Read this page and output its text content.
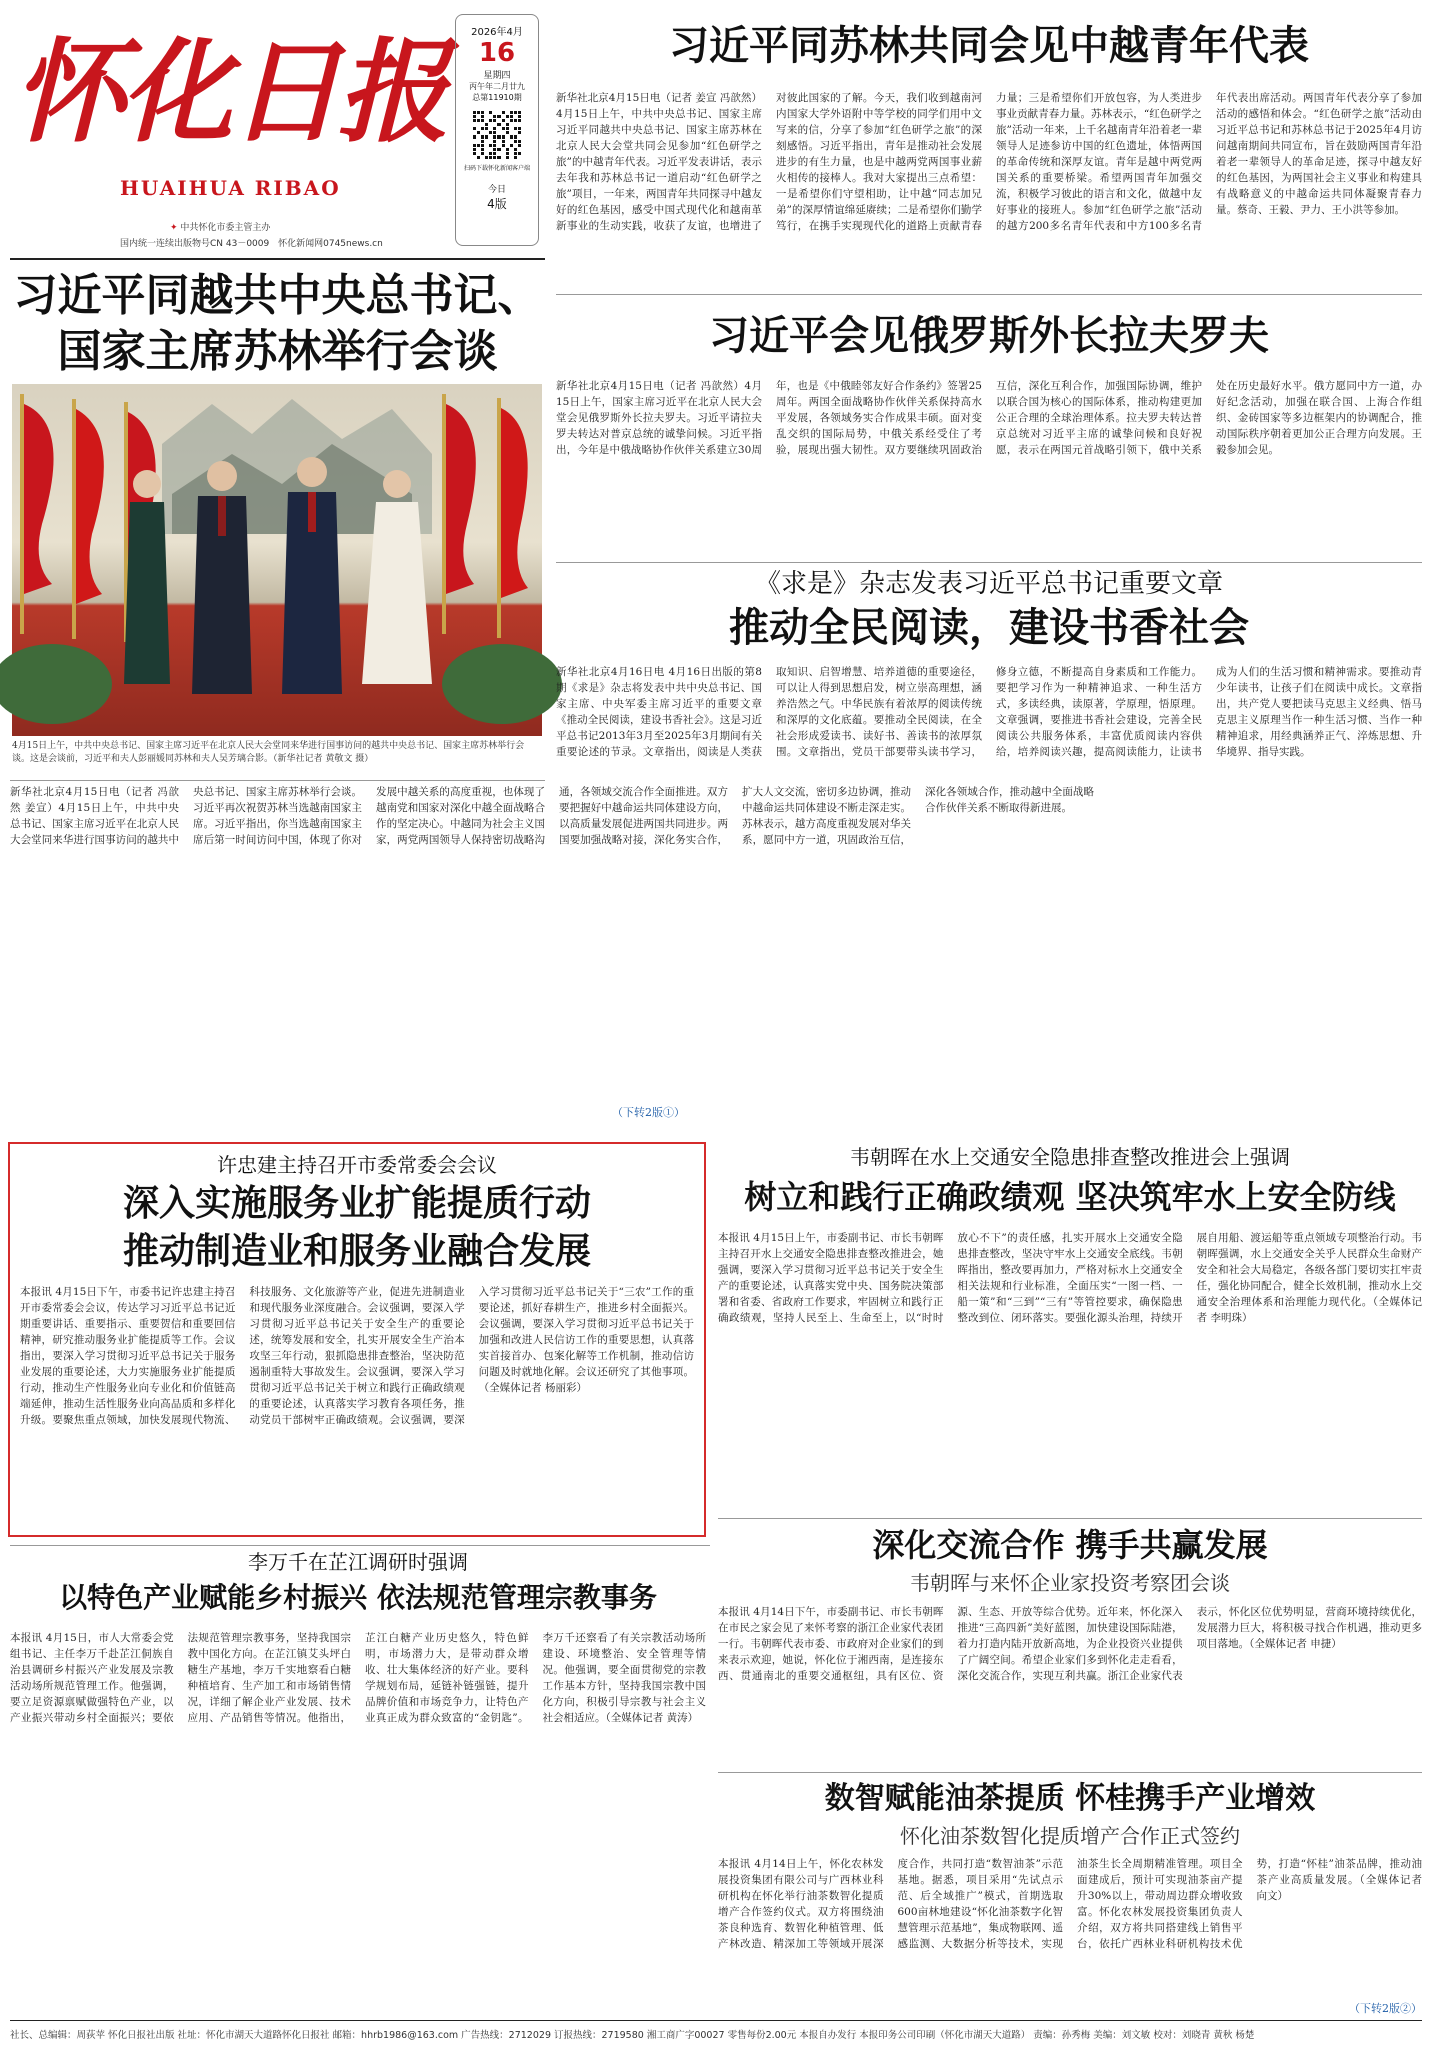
怀化日报
HUAIHUA RIBAO
✦ 中共怀化市委主管主办
国内统一连续出版物号CN 43－0009 怀化新闻网0745news.cn
2026年4月
16
星期四
丙午年二月廿九
总第11910期
扫码下载怀化新闻客户端
今日
4版
习近平同苏林共同会见中越青年代表
新华社北京4月15日电（记者 姜宣 冯歆然）4月15日上午，中共中央总书记、国家主席习近平同越共中央总书记、国家主席苏林在北京人民大会堂共同会见参加“红色研学之旅”的中越青年代表。习近平发表讲话，表示去年我和苏林总书记一道启动“红色研学之旅”项目，一年来，两国青年共同探寻中越友好的红色基因，感受中国式现代化和越南革新事业的生动实践，收获了友谊，也增进了对彼此国家的了解。今天，我们收到越南河内国家大学外语附中等学校的同学们用中文写来的信，分享了参加“红色研学之旅”的深刻感悟。习近平指出，青年是推动社会发展进步的有生力量，也是中越两党两国事业薪火相传的接棒人。我对大家提出三点希望：一是希望你们守望相助，让中越“同志加兄弟”的深厚情谊绵延赓续；二是希望你们勤学笃行，在携手实现现代化的道路上贡献青春力量；三是希望你们开放包容，为人类进步事业贡献青春力量。苏林表示，“红色研学之旅”活动一年来，上千名越南青年沿着老一辈领导人足迹参访中国的红色遗址，体悟两国的革命传统和深厚友谊。青年是越中两党两国关系的重要桥梁。希望两国青年加强交流，积极学习彼此的语言和文化，做越中友好事业的接班人。参加“红色研学之旅”活动的越方200多名青年代表和中方100多名青年代表出席活动。两国青年代表分享了参加活动的感悟和体会。“红色研学之旅”活动由习近平总书记和苏林总书记于2025年4月访问越南期间共同宣布，旨在鼓励两国青年沿着老一辈领导人的革命足迹，探寻中越友好的红色基因，为两国社会主义事业和构建具有战略意义的中越命运共同体凝聚青春力量。蔡奇、王毅、尹力、王小洪等参加。
习近平同越共中央总书记、
国家主席苏林举行会谈
4月15日上午，中共中央总书记、国家主席习近平在北京人民大会堂同来华进行国事访问的越共中央总书记、国家主席苏林举行会谈。这是会谈前，习近平和夫人彭丽媛同苏林和夫人吴芳璃合影。（新华社记者 黄敬文 摄）
新华社北京4月15日电（记者 冯歆然 姜宣）4月15日上午，中共中央总书记、国家主席习近平在北京人民大会堂同来华进行国事访问的越共中央总书记、国家主席苏林举行会谈。习近平再次祝贺苏林当选越南国家主席。习近平指出，你当选越南国家主席后第一时间访问中国，体现了你对发展中越关系的高度重视，也体现了越南党和国家对深化中越全面战略合作的坚定决心。中越同为社会主义国家，两党两国领导人保持密切战略沟通，各领域交流合作全面推进。双方要把握好中越命运共同体建设方向，以高质量发展促进两国共同进步。两国要加强战略对接，深化务实合作，扩大人文交流，密切多边协调，推动中越命运共同体建设不断走深走实。苏林表示，越方高度重视发展对华关系，愿同中方一道，巩固政治互信，深化各领域合作，推动越中全面战略合作伙伴关系不断取得新进展。
习近平会见俄罗斯外长拉夫罗夫
新华社北京4月15日电（记者 冯歆然）4月15日上午，国家主席习近平在北京人民大会堂会见俄罗斯外长拉夫罗夫。习近平请拉夫罗夫转达对普京总统的诚挚问候。习近平指出，今年是中俄战略协作伙伴关系建立30周年，也是《中俄睦邻友好合作条约》签署25周年。两国全面战略协作伙伴关系保持高水平发展，各领域务实合作成果丰硕。面对变乱交织的国际局势，中俄关系经受住了考验，展现出强大韧性。双方要继续巩固政治互信，深化互利合作，加强国际协调，维护以联合国为核心的国际体系，推动构建更加公正合理的全球治理体系。拉夫罗夫转达普京总统对习近平主席的诚挚问候和良好祝愿，表示在两国元首战略引领下，俄中关系处在历史最好水平。俄方愿同中方一道，办好纪念活动，加强在联合国、上海合作组织、金砖国家等多边框架内的协调配合，推动国际秩序朝着更加公正合理方向发展。王毅参加会见。
《求是》杂志发表习近平总书记重要文章
推动全民阅读，建设书香社会
新华社北京4月16日电 4月16日出版的第8期《求是》杂志将发表中共中央总书记、国家主席、中央军委主席习近平的重要文章《推动全民阅读，建设书香社会》。这是习近平总书记2013年3月至2025年3月期间有关重要论述的节录。文章指出，阅读是人类获取知识、启智增慧、培养道德的重要途径，可以让人得到思想启发，树立崇高理想，涵养浩然之气。中华民族有着浓厚的阅读传统和深厚的文化底蕴。要推动全民阅读，在全社会形成爱读书、读好书、善读书的浓厚氛围。文章指出，党员干部要带头读书学习，修身立德，不断提高自身素质和工作能力。要把学习作为一种精神追求、一种生活方式，多读经典，读原著，学原理，悟原理。文章强调，要推进书香社会建设，完善全民阅读公共服务体系，丰富优质阅读内容供给，培养阅读兴趣，提高阅读能力，让读书成为人们的生活习惯和精神需求。要推动青少年读书，让孩子们在阅读中成长。文章指出，共产党人要把读马克思主义经典、悟马克思主义原理当作一种生活习惯、当作一种精神追求，用经典涵养正气、淬炼思想、升华境界、指导实践。
许忠建主持召开市委常委会会议
深入实施服务业扩能提质行动
推动制造业和服务业融合发展
本报讯 4月15日下午，市委书记许忠建主持召开市委常委会会议，传达学习习近平总书记近期重要讲话、重要指示、重要贺信和重要回信精神，研究推动服务业扩能提质等工作。会议指出，要深入学习贯彻习近平总书记关于服务业发展的重要论述，大力实施服务业扩能提质行动，推动生产性服务业向专业化和价值链高端延伸，推动生活性服务业向高品质和多样化升级。要聚焦重点领域，加快发展现代物流、科技服务、文化旅游等产业，促进先进制造业和现代服务业深度融合。会议强调，要深入学习贯彻习近平总书记关于安全生产的重要论述，统筹发展和安全，扎实开展安全生产治本攻坚三年行动，狠抓隐患排查整治，坚决防范遏制重特大事故发生。会议强调，要深入学习贯彻习近平总书记关于树立和践行正确政绩观的重要论述，认真落实学习教育各项任务，推动党员干部树牢正确政绩观。会议强调，要深入学习贯彻习近平总书记关于“三农”工作的重要论述，抓好春耕生产，推进乡村全面振兴。会议强调，要深入学习贯彻习近平总书记关于加强和改进人民信访工作的重要思想，认真落实首接首办、包案化解等工作机制，推动信访问题及时就地化解。会议还研究了其他事项。（全媒体记者 杨丽彩）
（下转2版①）
韦朝晖在水上交通安全隐患排查整改推进会上强调
树立和践行正确政绩观 坚决筑牢水上安全防线
本报讯 4月15日上午，市委副书记、市长韦朝晖主持召开水上交通安全隐患排查整改推进会，她强调，要深入学习贯彻习近平总书记关于安全生产的重要论述，认真落实党中央、国务院决策部署和省委、省政府工作要求，牢固树立和践行正确政绩观，坚持人民至上、生命至上，以“时时放心不下”的责任感，扎实开展水上交通安全隐患排查整改，坚决守牢水上交通安全底线。韦朝晖指出，整改要再加力，严格对标水上交通安全相关法规和行业标准，全面压实“一图一档、一船一策”和“三到”“三有”等管控要求，确保隐患整改到位、闭环落实。要强化源头治理，持续开展自用船、渡运船等重点领域专项整治行动。韦朝晖强调，水上交通安全关乎人民群众生命财产安全和社会大局稳定，各级各部门要切实扛牢责任，强化协同配合，健全长效机制，推动水上交通安全治理体系和治理能力现代化。（全媒体记者 李明珠）
深化交流合作 携手共赢发展
韦朝晖与来怀企业家投资考察团会谈
本报讯 4月14日下午，市委副书记、市长韦朝晖在市民之家会见了来怀考察的浙江企业家代表团一行。韦朝晖代表市委、市政府对企业家们的到来表示欢迎，她说，怀化位于湘西南，是连接东西、贯通南北的重要交通枢纽，具有区位、资源、生态、开放等综合优势。近年来，怀化深入推进“三高四新”美好蓝图，加快建设国际陆港，着力打造内陆开放新高地，为企业投资兴业提供了广阔空间。希望企业家们多到怀化走走看看，深化交流合作，实现互利共赢。浙江企业家代表表示，怀化区位优势明显，营商环境持续优化，发展潜力巨大，将积极寻找合作机遇，推动更多项目落地。（全媒体记者 申捷）
李万千在芷江调研时强调
以特色产业赋能乡村振兴 依法规范管理宗教事务
本报讯 4月15日，市人大常委会党组书记、主任李万千赴芷江侗族自治县调研乡村振兴产业发展及宗教活动场所规范管理工作。他强调，要立足资源禀赋做强特色产业，以产业振兴带动乡村全面振兴；要依法规范管理宗教事务，坚持我国宗教中国化方向。在芷江镇艾头坪白糖生产基地，李万千实地察看白糖种植培育、生产加工和市场销售情况，详细了解企业产业发展、技术应用、产品销售等情况。他指出，芷江白糖产业历史悠久，特色鲜明，市场潜力大，是带动群众增收、壮大集体经济的好产业。要科学规划布局，延链补链强链，提升品牌价值和市场竞争力，让特色产业真正成为群众致富的“金钥匙”。李万千还察看了有关宗教活动场所建设、环境整治、安全管理等情况。他强调，要全面贯彻党的宗教工作基本方针，坚持我国宗教中国化方向，积极引导宗教与社会主义社会相适应。（全媒体记者 黄涛）
数智赋能油茶提质 怀桂携手产业增效
怀化油茶数智化提质增产合作正式签约
本报讯 4月14日上午，怀化农林发展投资集团有限公司与广西林业科研机构在怀化举行油茶数智化提质增产合作签约仪式。双方将围绕油茶良种选育、数智化种植管理、低产林改造、精深加工等领域开展深度合作，共同打造“数智油茶”示范基地。据悉，项目采用“先试点示范、后全域推广”模式，首期选取600亩林地建设“怀化油茶数字化智慧管理示范基地”，集成物联网、遥感监测、大数据分析等技术，实现油茶生长全周期精准管理。项目全面建成后，预计可实现油茶亩产提升30%以上，带动周边群众增收致富。怀化农林发展投资集团负责人介绍，双方将共同搭建线上销售平台，依托广西林业科研机构技术优势，打造“怀桂”油茶品牌，推动油茶产业高质量发展。（全媒体记者 向文）
（下转2版②）
社长、总编辑：周荻苹 怀化日报社出版 社址：怀化市湖天大道路怀化日报社 邮箱：hhrb1986@163.com 广告热线：2712029 订报热线：2719580 湘工商广字00027 零售每份2.00元 本报自办发行 本报印务公司印刷（怀化市湖天大道路） 责编：孙秀梅 美编：刘文敏 校对：刘晓青 黄秋 杨楚
